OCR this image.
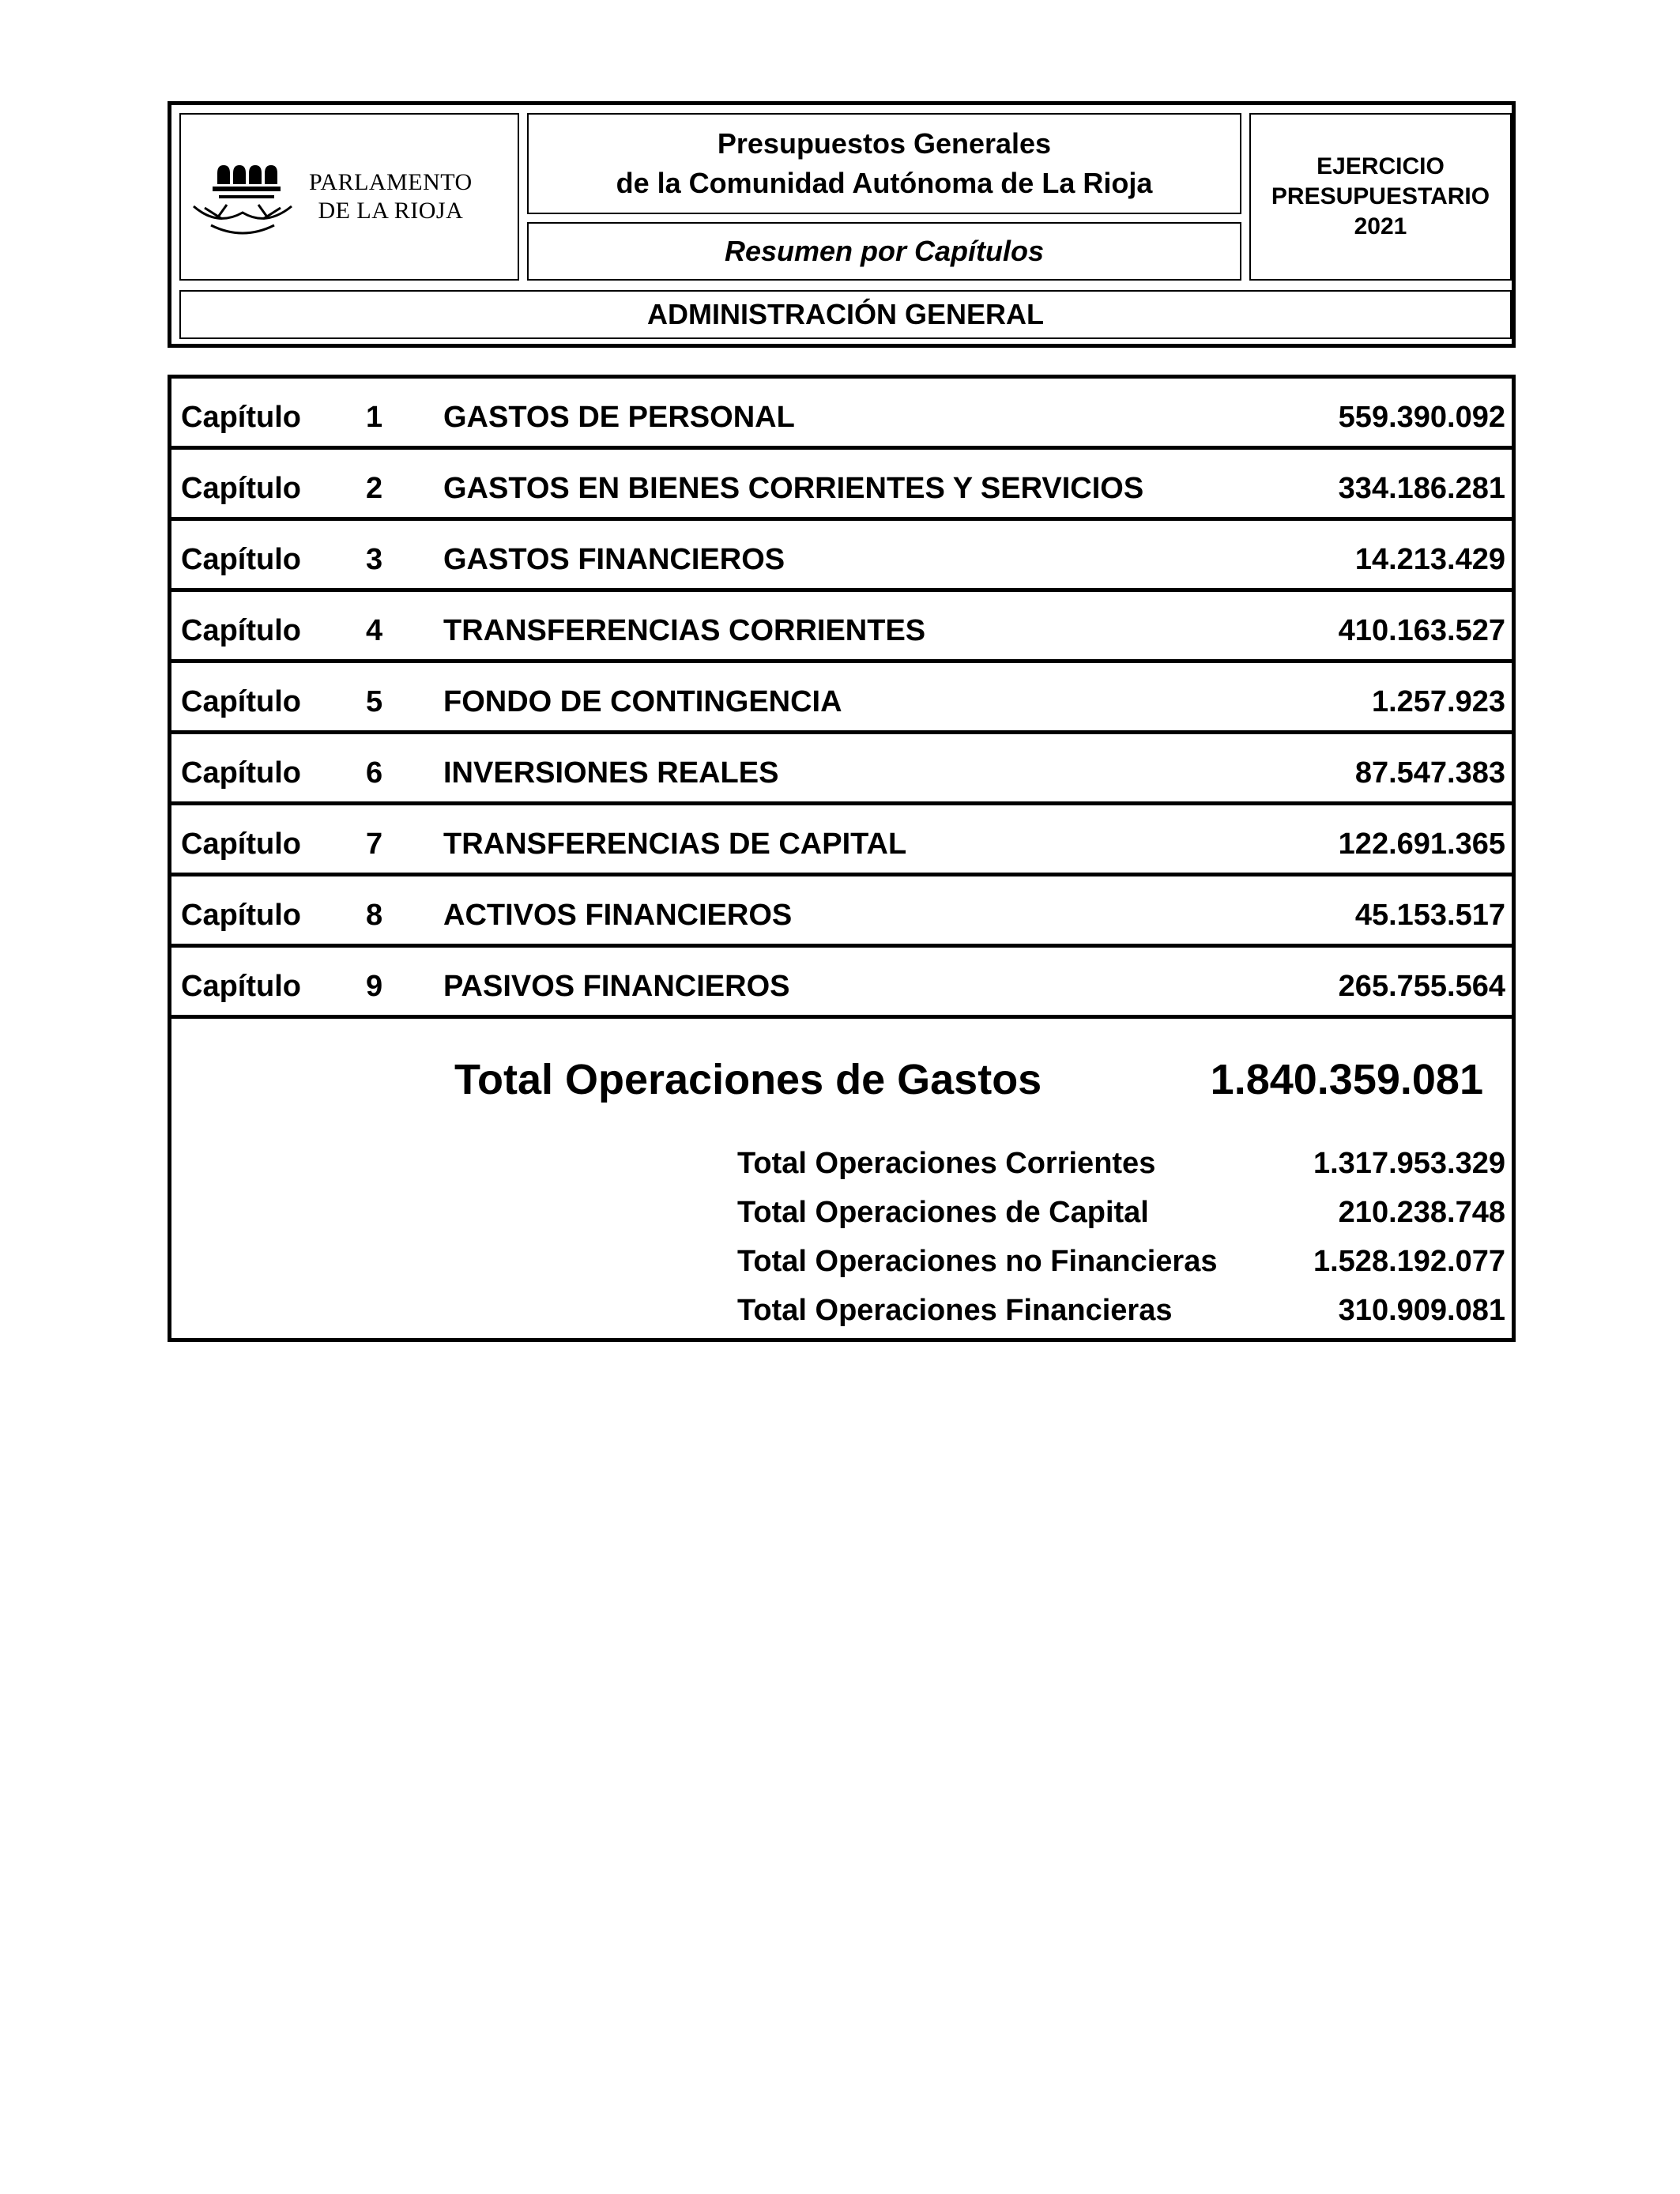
PARLAMENTO
DE LA RIOJA
Presupuestos Generales
de la Comunidad Autónoma de La Rioja
Resumen por Capítulos
EJERCICIO
PRESUPUESTARIO
2021
ADMINISTRACIÓN GENERAL
Capítulo 1 GASTOS DE PERSONAL	559.390.092
Capítulo 2 GASTOS EN BIENES CORRIENTES Y SERVICIOS	334.186.281
Capítulo 3 GASTOS FINANCIEROS	14.213.429
Capítulo 4 TRANSFERENCIAS CORRIENTES	410.163.527
Capítulo 5 FONDO DE CONTINGENCIA	1.257.923
Capítulo 6 INVERSIONES REALES	87.547.383
Capítulo 7 TRANSFERENCIAS DE CAPITAL	122.691.365
Capítulo 8 ACTIVOS FINANCIEROS	45.153.517
Capítulo 9 PASIVOS FINANCIEROS	265.755.564
Total Operaciones de Gastos	1.840.359.081
Total Operaciones Corrientes	1.317.953.329
Total Operaciones de Capital	210.238.748
Total Operaciones no Financieras	1.528.192.077
Total Operaciones Financieras	310.909.081
